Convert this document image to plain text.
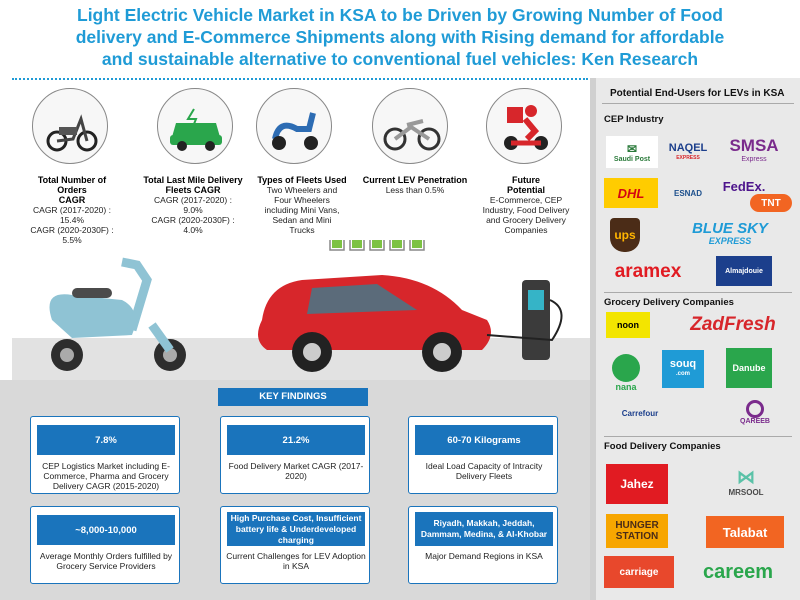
Light Electric Vehicle Market in KSA to be Driven by Growing Number of Food
delivery and E-Commerce Shipments along with Rising demand for affordable
and sustainable alternative to conventional fuel vehicles: Ken Research
Total Number of
Orders
CAGR
CAGR (2017-2020) :
15.4%
CAGR (2020-2030F) :
5.5%
Total Last Mile Delivery
Fleets CAGR
CAGR (2017-2020) :
9.0%
CAGR (2020-2030F) :
4.0%
Types of Fleets Used
Two Wheelers and
Four Wheelers
including Mini Vans,
Sedan and Mini
Trucks
Current LEV Penetration
Less than 0.5%
Future
Potential
E-Commerce, CEP
Industry, Food Delivery
and Grocery Delivery
Companies
KEY FINDINGS
7.8%
CEP Logistics Market including E-Commerce, Pharma and Grocery Delivery CAGR (2015-2020)
21.2%
Food Delivery Market CAGR (2017-2020)
60-70 Kilograms
Ideal Load Capacity of Intracity Delivery Fleets
~8,000-10,000
Average Monthly Orders fulfilled by Grocery Service Providers
High Purchase Cost, Insufficient battery life & Underdeveloped charging
Current Challenges for LEV Adoption in KSA
Riyadh, Makkah, Jeddah, Dammam, Medina, & Al-Khobar
Major Demand Regions in KSA
Potential End-Users for LEVs in KSA
CEP Industry
✉
Saudi Post
NAQEL
EXPRESS
SMSA
Express
DHL	ESNAD FedEx.
TNT
ups	BLUE SKY
EXPRESS
aramex	Almajdouie
Grocery Delivery Companies
noon	ZadFresh
nana
souq
.com
Danube
Carrefour
QAREEB
Food Delivery Companies
Jahez	⋈
MRSOOL
HUNGER
STATION	Talabat
carriage careem
